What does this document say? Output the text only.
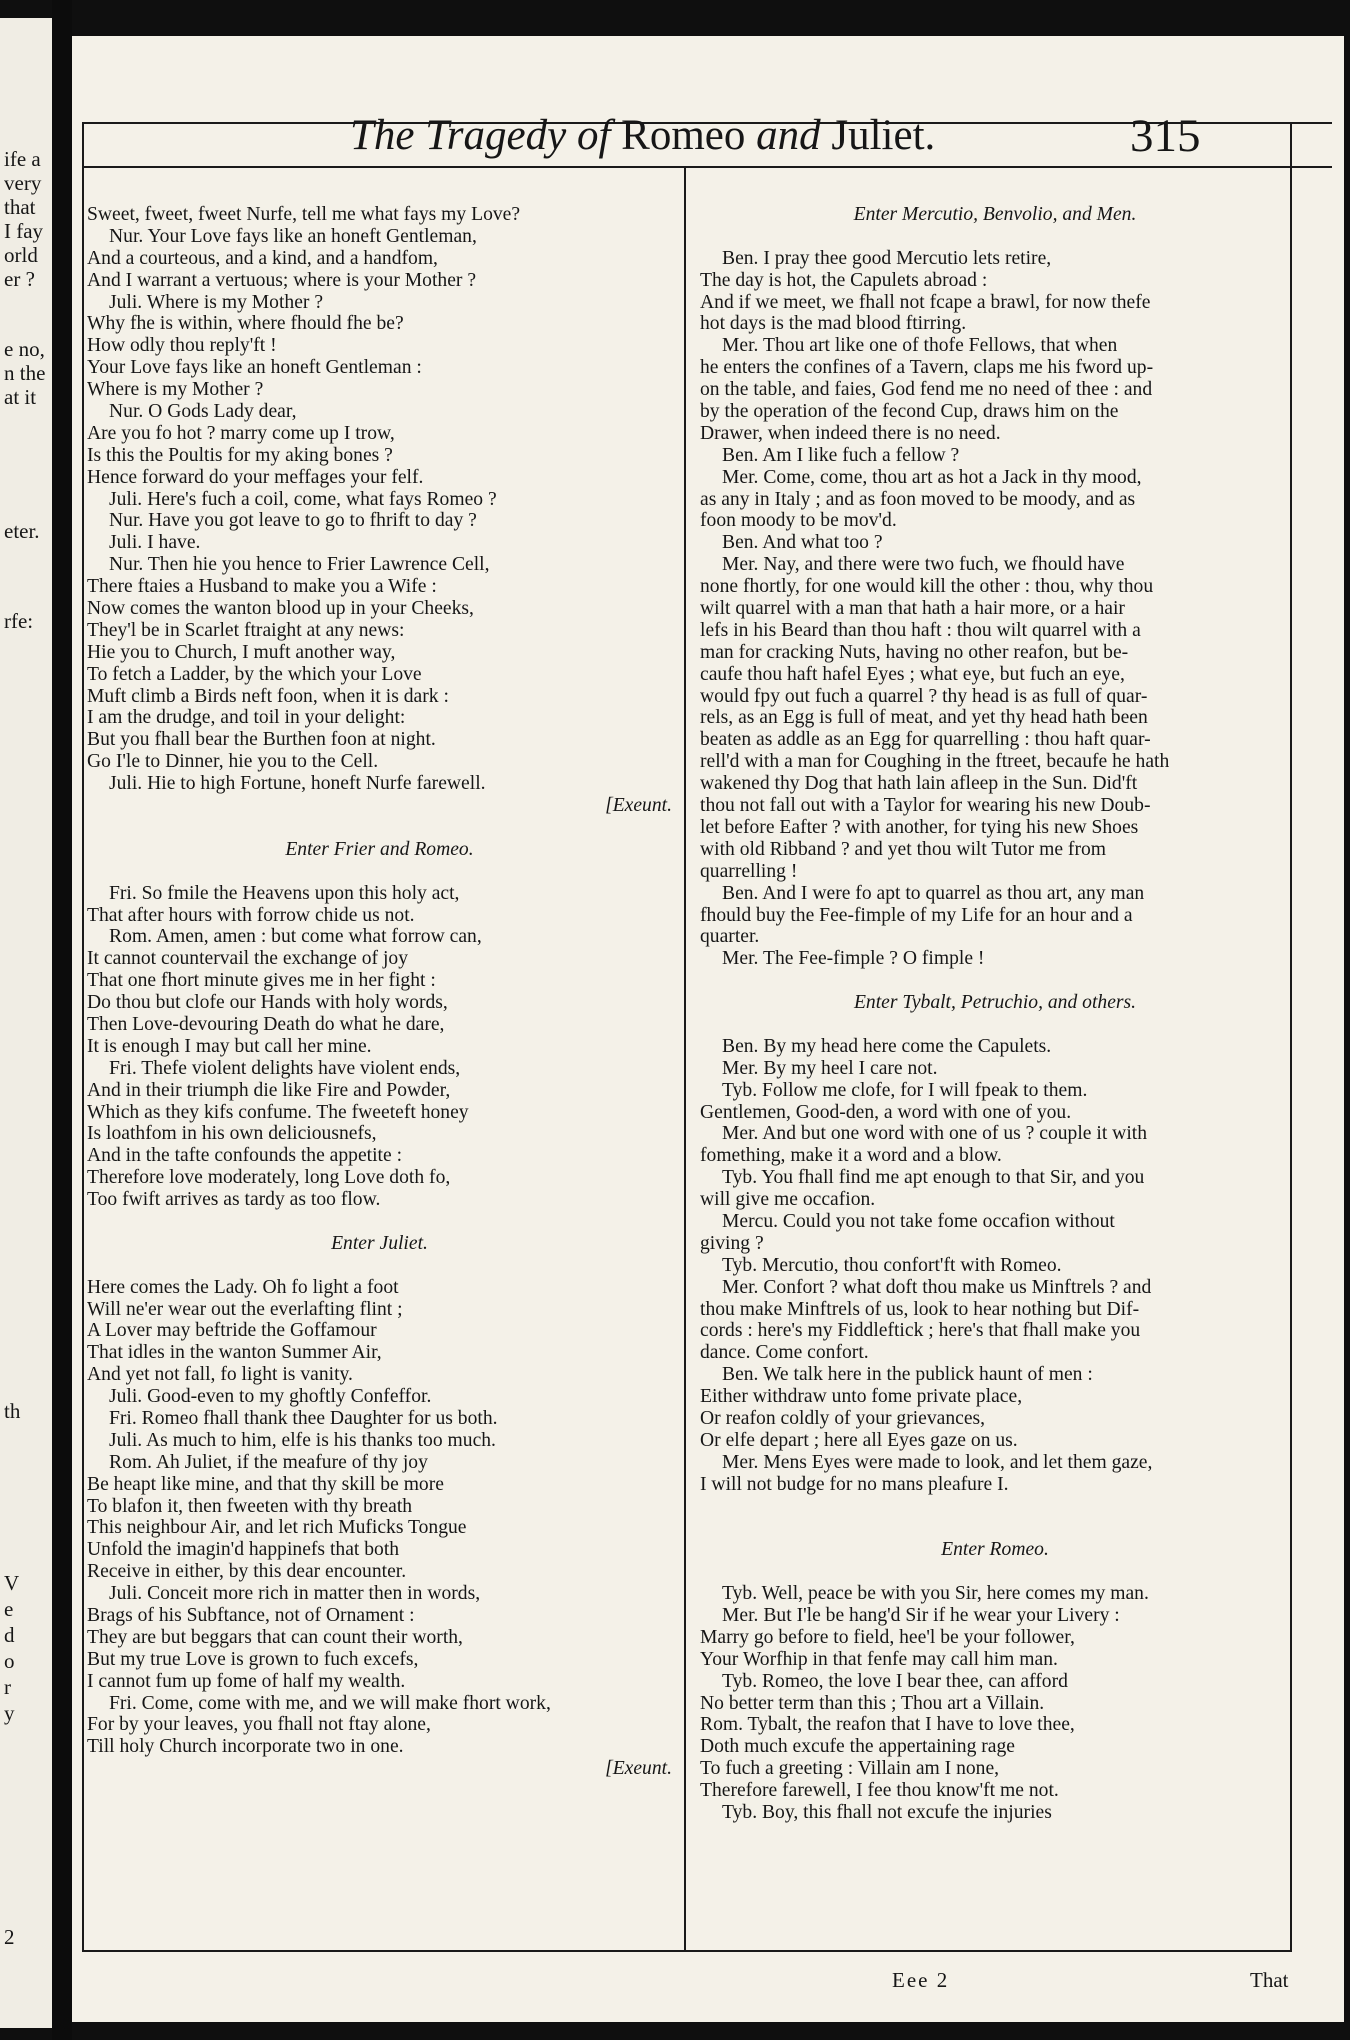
ife a
very
that
I fay
orld
er ?
e no,
n the
at it
eter.
rfe:
th
V
e
d
o
r
y
2
The Tragedy of Romeo and Juliet.	315
Sweet, fweet, fweet Nurfe, tell me what fays my Love?
Nur. Your Love fays like an honeft Gentleman,
And a courteous, and a kind, and a handfom,
And I warrant a vertuous; where is your Mother ?
Juli. Where is my Mother ?
Why fhe is within, where fhould fhe be?
How odly thou reply'ft !
Your Love fays like an honeft Gentleman :
Where is my Mother ?
Nur. O Gods Lady dear,
Are you fo hot ? marry come up I trow,
Is this the Poultis for my aking bones ?
Hence forward do your meffages your felf.
Juli. Here's fuch a coil, come, what fays Romeo ?
Nur. Have you got leave to go to fhrift to day ?
Juli. I have.
Nur. Then hie you hence to Frier Lawrence Cell,
There ftaies a Husband to make you a Wife :
Now comes the wanton blood up in your Cheeks,
They'l be in Scarlet ftraight at any news:
Hie you to Church, I muft another way,
To fetch a Ladder, by the which your Love
Muft climb a Birds neft foon, when it is dark :
I am the drudge, and toil in your delight:
But you fhall bear the Burthen foon at night.
Go I'le to Dinner, hie you to the Cell.
Juli. Hie to high Fortune, honeft Nurfe farewell.
[Exeunt.
Enter Frier and Romeo.
Fri. So fmile the Heavens upon this holy act,
That after hours with forrow chide us not.
Rom. Amen, amen : but come what forrow can,
It cannot countervail the exchange of joy
That one fhort minute gives me in her fight :
Do thou but clofe our Hands with holy words,
Then Love-devouring Death do what he dare,
It is enough I may but call her mine.
Fri. Thefe violent delights have violent ends,
And in their triumph die like Fire and Powder,
Which as they kifs confume. The fweeteft honey
Is loathfom in his own deliciousnefs,
And in the tafte confounds the appetite :
Therefore love moderately, long Love doth fo,
Too fwift arrives as tardy as too flow.
Enter Juliet.
Here comes the Lady. Oh fo light a foot
Will ne'er wear out the everlafting flint ;
A Lover may beftride the Goffamour
That idles in the wanton Summer Air,
And yet not fall, fo light is vanity.
Juli. Good-even to my ghoftly Confeffor.
Fri. Romeo fhall thank thee Daughter for us both.
Juli. As much to him, elfe is his thanks too much.
Rom. Ah Juliet, if the meafure of thy joy
Be heapt like mine, and that thy skill be more
To blafon it, then fweeten with thy breath
This neighbour Air, and let rich Muficks Tongue
Unfold the imagin'd happinefs that both
Receive in either, by this dear encounter.
Juli. Conceit more rich in matter then in words,
Brags of his Subftance, not of Ornament :
They are but beggars that can count their worth,
But my true Love is grown to fuch excefs,
I cannot fum up fome of half my wealth.
Fri. Come, come with me, and we will make fhort work,
For by your leaves, you fhall not ftay alone,
Till holy Church incorporate two in one.
[Exeunt.
Enter Mercutio, Benvolio, and Men.
Ben. I pray thee good Mercutio lets retire,
The day is hot, the Capulets abroad :
And if we meet, we fhall not fcape a brawl, for now thefe
hot days is the mad blood ftirring.
Mer. Thou art like one of thofe Fellows, that when
he enters the confines of a Tavern, claps me his fword up-
on the table, and faies, God fend me no need of thee : and
by the operation of the fecond Cup, draws him on the
Drawer, when indeed there is no need.
Ben. Am I like fuch a fellow ?
Mer. Come, come, thou art as hot a Jack in thy mood,
as any in Italy ; and as foon moved to be moody, and as
foon moody to be mov'd.
Ben. And what too ?
Mer. Nay, and there were two fuch, we fhould have
none fhortly, for one would kill the other : thou, why thou
wilt quarrel with a man that hath a hair more, or a hair
lefs in his Beard than thou haft : thou wilt quarrel with a
man for cracking Nuts, having no other reafon, but be-
caufe thou haft hafel Eyes ; what eye, but fuch an eye,
would fpy out fuch a quarrel ? thy head is as full of quar-
rels, as an Egg is full of meat, and yet thy head hath been
beaten as addle as an Egg for quarrelling : thou haft quar-
rell'd with a man for Coughing in the ftreet, becaufe he hath
wakened thy Dog that hath lain afleep in the Sun. Did'ft
thou not fall out with a Taylor for wearing his new Doub-
let before Eafter ? with another, for tying his new Shoes
with old Ribband ? and yet thou wilt Tutor me from
quarrelling !
Ben. And I were fo apt to quarrel as thou art, any man
fhould buy the Fee-fimple of my Life for an hour and a
quarter.
Mer. The Fee-fimple ? O fimple !
Enter Tybalt, Petruchio, and others.
Ben. By my head here come the Capulets.
Mer. By my heel I care not.
Tyb. Follow me clofe, for I will fpeak to them.
Gentlemen, Good-den, a word with one of you.
Mer. And but one word with one of us ? couple it with
fomething, make it a word and a blow.
Tyb. You fhall find me apt enough to that Sir, and you
will give me occafion.
Mercu. Could you not take fome occafion without
giving ?
Tyb. Mercutio, thou confort'ft with Romeo.
Mer. Confort ? what doft thou make us Minftrels ? and
thou make Minftrels of us, look to hear nothing but Dif-
cords : here's my Fiddleftick ; here's that fhall make you
dance. Come confort.
Ben. We talk here in the publick haunt of men :
Either withdraw unto fome private place,
Or reafon coldly of your grievances,
Or elfe depart ; here all Eyes gaze on us.
Mer. Mens Eyes were made to look, and let them gaze,
I will not budge for no mans pleafure I.
Enter Romeo.
Tyb. Well, peace be with you Sir, here comes my man.
Mer. But I'le be hang'd Sir if he wear your Livery :
Marry go before to field, hee'l be your follower,
Your Worfhip in that fenfe may call him man.
Tyb. Romeo, the love I bear thee, can afford
No better term than this ; Thou art a Villain.
Rom. Tybalt, the reafon that I have to love thee,
Doth much excufe the appertaining rage
To fuch a greeting : Villain am I none,
Therefore farewell, I fee thou know'ft me not.
Tyb. Boy, this fhall not excufe the injuries
Eee 2	That
